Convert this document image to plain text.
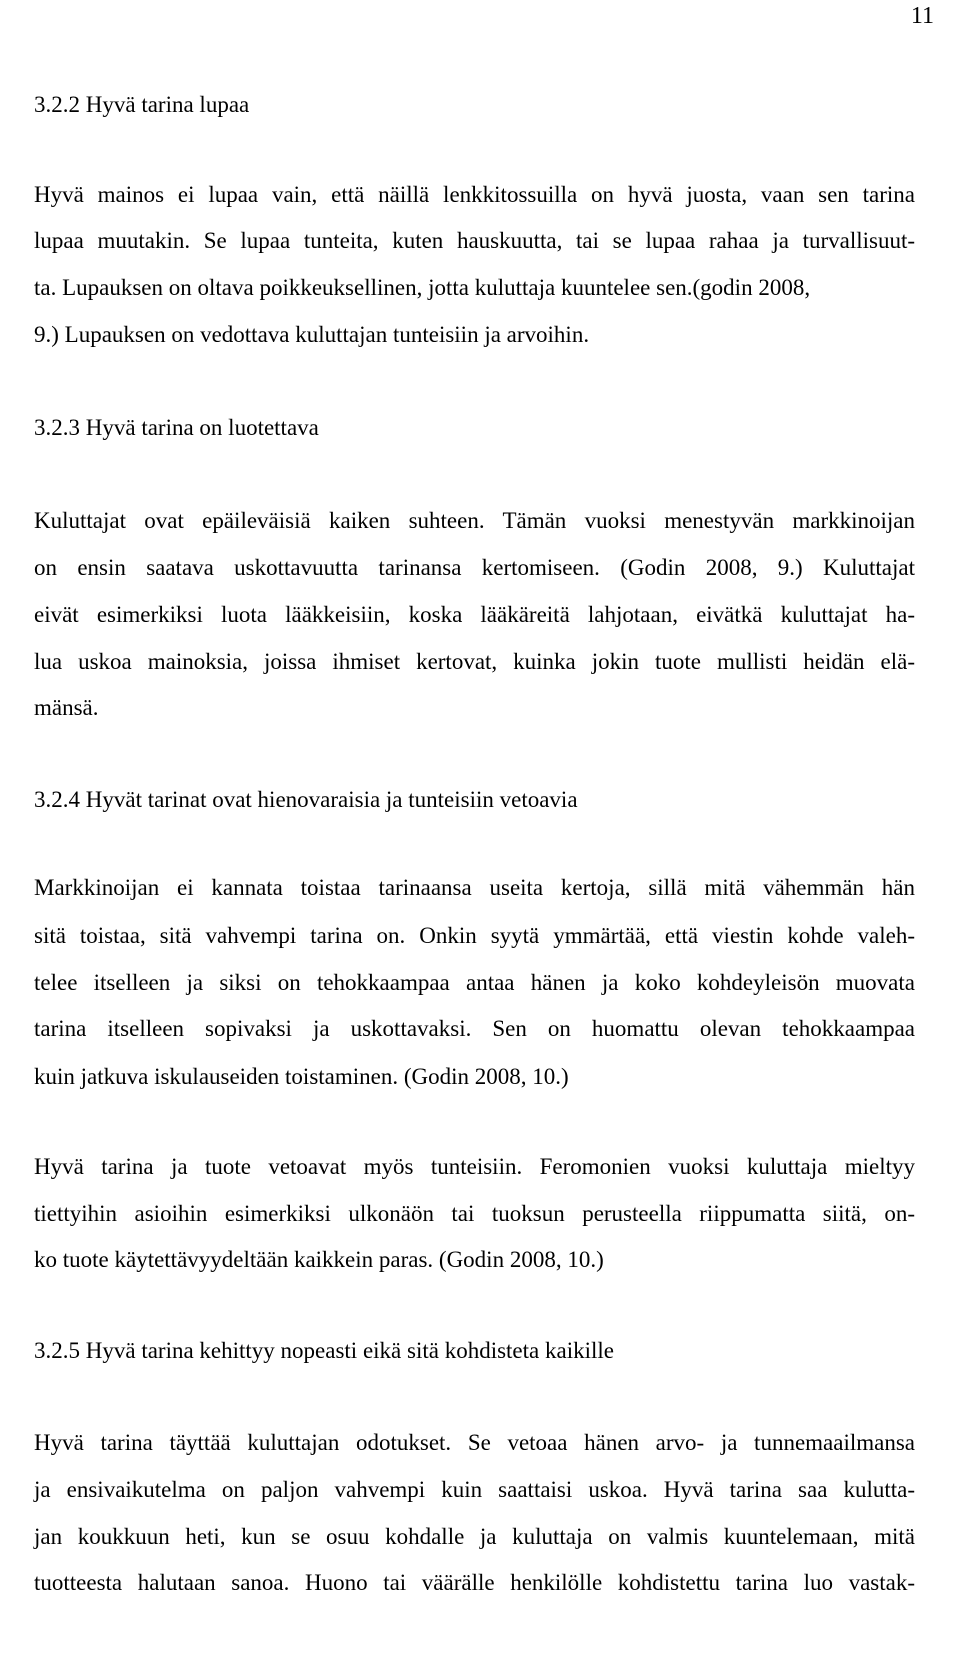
11
3.2.2 Hyvä tarina lupaa
Hyvä mainos ei lupaa vain, että näillä lenkkitossuilla on hyvä juosta, vaan sen tarina
lupaa muutakin. Se lupaa tunteita, kuten hauskuutta, tai se lupaa rahaa ja turvallisuut-
ta. Lupauksen on oltava poikkeuksellinen, jotta kuluttaja kuuntelee sen.(godin 2008,
9.) Lupauksen on vedottava kuluttajan tunteisiin ja arvoihin.
3.2.3 Hyvä tarina on luotettava
Kuluttajat ovat epäileväisiä kaiken suhteen. Tämän vuoksi menestyvän markkinoijan
on ensin saatava uskottavuutta tarinansa kertomiseen. (Godin 2008, 9.) Kuluttajat
eivät esimerkiksi luota lääkkeisiin, koska lääkäreitä lahjotaan, eivätkä kuluttajat ha-
lua uskoa mainoksia, joissa ihmiset kertovat, kuinka jokin tuote mullisti heidän elä-
mänsä.
3.2.4 Hyvät tarinat ovat hienovaraisia ja tunteisiin vetoavia
Markkinoijan ei kannata toistaa tarinaansa useita kertoja, sillä mitä vähemmän hän
sitä toistaa, sitä vahvempi tarina on. Onkin syytä ymmärtää, että viestin kohde valeh-
telee itselleen ja siksi on tehokkaampaa antaa hänen ja koko kohdeyleisön muovata
tarina itselleen sopivaksi ja uskottavaksi. Sen on huomattu olevan tehokkaampaa
kuin jatkuva iskulauseiden toistaminen. (Godin 2008, 10.)
Hyvä tarina ja tuote vetoavat myös tunteisiin. Feromonien vuoksi kuluttaja mieltyy
tiettyihin asioihin esimerkiksi ulkonäön tai tuoksun perusteella riippumatta siitä, on-
ko tuote käytettävyydeltään kaikkein paras. (Godin 2008, 10.)
3.2.5 Hyvä tarina kehittyy nopeasti eikä sitä kohdisteta kaikille
Hyvä tarina täyttää kuluttajan odotukset. Se vetoaa hänen arvo- ja tunnemaailmansa
ja ensivaikutelma on paljon vahvempi kuin saattaisi uskoa. Hyvä tarina saa kulutta-
jan koukkuun heti, kun se osuu kohdalle ja kuluttaja on valmis kuuntelemaan, mitä
tuotteesta halutaan sanoa. Huono tai väärälle henkilölle kohdistettu tarina luo vastak-
